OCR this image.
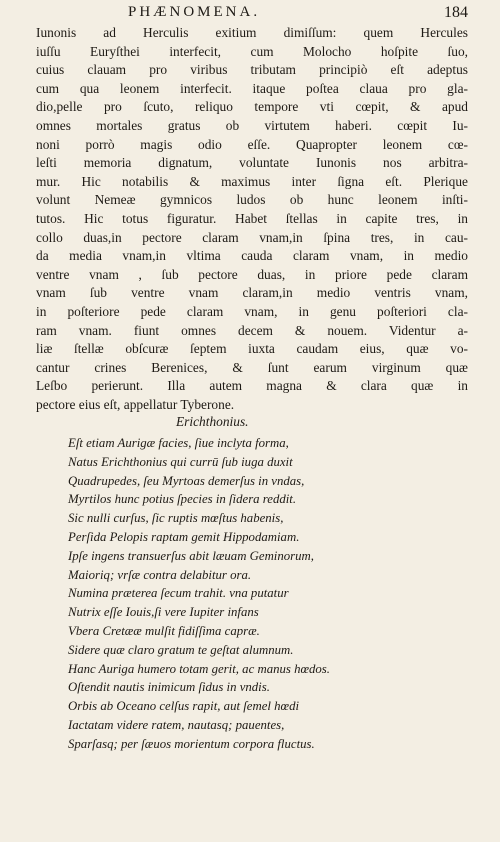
PHÆNOMENA.	184
Iunonis ad Herculis exitium dimiſſum: quem Hercules
iuſſu Euryſthei interfecit, cum Molocho hoſpite ſuo,
cuius clauam pro viribus tributam principiò eſt adeptus
cum qua leonem interfecit. itaque poſtea claua pro gla-
dio,pelle pro ſcuto, reliquo tempore vti cœpit, & apud
omnes mortales gratus ob virtutem haberi. cœpit Iu-
noni porrò magis odio eſſe. Quapropter leonem cœ-
leſti memoria dignatum, voluntate Iunonis nos arbitra-
mur. Hic notabilis & maximus inter ſigna eſt. Plerique
volunt Nemeæ gymnicos ludos ob hunc leonem inſti-
tutos. Hic totus figuratur. Habet ſtellas in capite tres, in
collo duas,in pectore claram vnam,in ſpina tres, in cau-
da media vnam,in vltima cauda claram vnam, in medio
ventre vnam , ſub pectore duas, in priore pede claram
vnam ſub ventre vnam claram,in medio ventris vnam,
in poſteriore pede claram vnam, in genu poſteriori cla-
ram vnam. fiunt omnes decem & nouem. Videntur a-
liæ ſtellæ obſcuræ ſeptem iuxta caudam eius, quæ vo-
cantur crines Berenices, & ſunt earum virginum quæ
Leſbo perierunt. Illa autem magna & clara quæ in
pectore eius eſt, appellatur Tyberone.
Erichthonius.
Eſt etiam Aurigæ facies, ſiue inclyta forma,
Natus Erichthonius qui currū ſub iuga duxit
Quadrupedes, ſeu Myrtoas demerſus in vndas,
Myrtilos hunc potius ſpecies in ſidera reddit.
Sic nulli curſus, ſic ruptis mœſtus habenis,
Perſida Pelopis raptam gemit Hippodamiam.
Ipſe ingens transuerſus abit læuam Geminorum,
Maioriq; vrſæ contra delabitur ora.
Numina præterea ſecum trahit. vna putatur
Nutrix eſſe Iouis,ſi vere Iupiter infans
Vbera Cretææ mulſit fidiſſima capræ.
Sidere quæ claro gratum te geſtat alumnum.
Hanc Auriga humero totam gerit, ac manus hœdos.
Oſtendit nautis inimicum ſidus in vndis.
Orbis ab Oceano celſus rapit, aut ſemel hœdi
Iactatam videre ratem, nautasq; pauentes,
Sparſasq; per ſæuos morientum corpora fluctus.
